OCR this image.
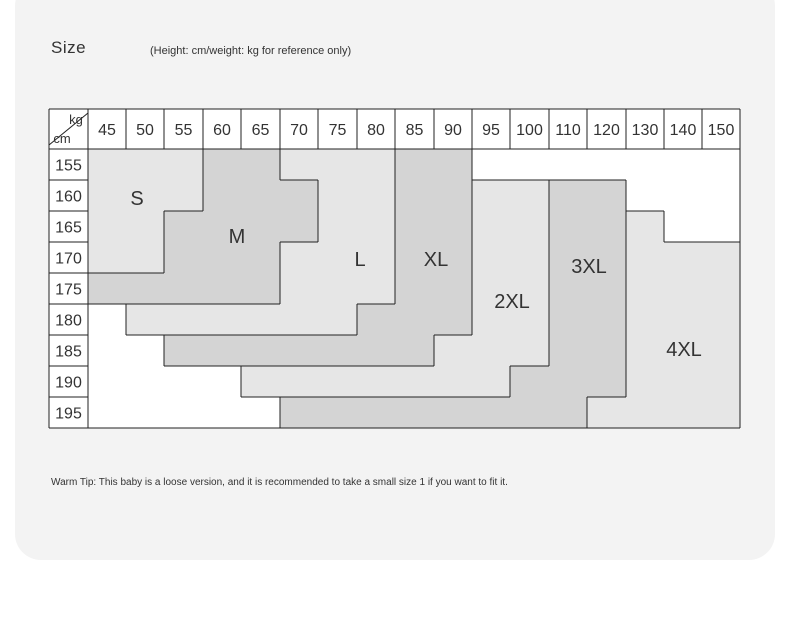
Size	(Height: cm/weight: kg for reference only)
kg
cm 45 50 55 60 65 70 75 80 85 90 95 100 110 120 130 140 150
155
160
165
170
175
180
185
190
195
S
M
L	XL
2XL
3XL
4XL
Warm Tip: This baby is a loose version, and it is recommended to take a small size 1 if you want to fit it.
